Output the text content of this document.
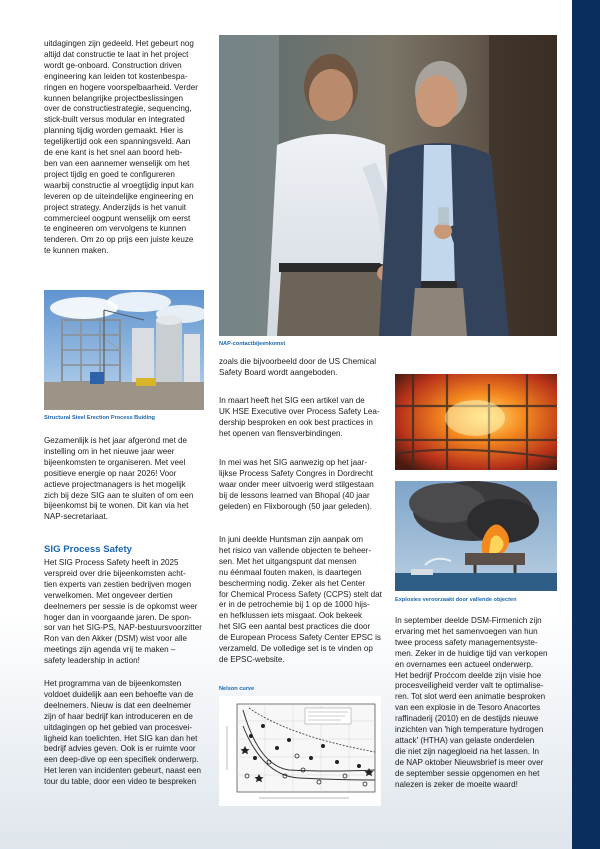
uitdagingen zijn gedeeld. Het gebeurt nog
altijd dat constructie te laat in het project
wordt ge-onboard. Construction driven
engineering kan leiden tot kostenbespa-
ringen en hogere voorspelbaarheid. Verder
kunnen belangrijke projectbeslissingen
over de constructiestrategie, sequencing,
stick-built versus modular en integrated
planning tijdig worden gemaakt. Hier is
tegelijkertijd ook een spanningsveld. Aan
de ene kant is het snel aan boord heb-
ben van een aannemer wenselijk om het
project tijdig en goed te configureren
waarbij constructie al vroegtijdig input kan
leveren op de uiteindelijke engineering en
project strategy. Anderzijds is het vanuit
commercieel oogpunt wenselijk om eerst
te engineeren om vervolgens te kunnen
tenderen. Om zo op prijs een juiste keuze
te kunnen maken.

Structural Steel Erection Process Buiding

Gezamenlijk is het jaar afgerond met de
instelling om in het nieuwe jaar weer
bijeenkomsten te organiseren. Met veel
positieve energie op naar 2026! Voor
actieve projectmanagers is het mogelijk
zich bij deze SIG aan te sluiten of om een
bijeenkomst bij te wonen. Dit kan via het
NAP-secretariaat.

SIG Process Safety

Het SIG Process Safety heeft in 2025
verspreid over drie bijeenkomsten acht-
tien experts van zestien bedrijven mogen
verwelkomen. Met ongeveer dertien
deelnemers per sessie is de opkomst weer
hoger dan in voorgaande jaren. De spon-
sor van het SIG-PS, NAP-bestuursvoorzitter
Ron van den Akker (DSM) wist voor alle
meetings zijn agenda vrij te maken –
safety leadership in action!

Het programma van de bijeenkomsten
voldoet duidelijk aan een behoefte van de
deelnemers. Nieuw is dat een deelnemer
zijn of haar bedrijf kan introduceren en de
uitdagingen op het gebied van procesvei-
ligheid kan toelichten. Het SIG kan dan het
bedrijf advies geven. Ook is er ruimte voor
een deep-dive op een specifiek onderwerp.
Het leren van incidenten gebeurt, naast een
tour du table, door een video te bespreken

NAP-contactbijeenkomst

zoals die bijvoorbeeld door de US Chemical
Safety Board wordt aangeboden.

In maart heeft het SIG een artikel van de
UK HSE Executive over Process Safety Lea-
dership besproken en ook best practices in
het openen van flensverbindingen.

In mei was het SIG aanwezig op het jaar-
lijkse Process Safety Congres in Dordrecht
waar onder meer uitvoerig werd stilgestaan
bij de lessons learned van Bhopal (40 jaar
geleden) en Flixborough (50 jaar geleden).

In juni deelde Huntsman zijn aanpak om
het risico van vallende objecten te beheer-
sen. Met het uitgangspunt dat mensen
nu éénmaal fouten maken, is daartegen
bescherming nodig. Zeker als het Center
for Chemical Process Safety (CCPS) stelt dat
er in de petrochemie bij 1 op de 1000 hijs-
en hefklussen iets misgaat. Ook bekeek
het SIG een aantal best practices die door
de European Process Safety Center EPSC is
verzameld. De volledige set is te vinden op
de EPSC-website.

Nelson curve

Explosies veroorzaakt door vallende objecten

In september deelde DSM-Firmenich zijn
ervaring met het samenvoegen van hun
twee process safety managementsyste-
men. Zeker in de huidige tijd van verkopen
en overnames een actueel onderwerp.
Het bedrijf Proćcom deelde zijn visie hoe
procesveiligheid verder valt te optimalise-
ren. Tot slot werd een animatie besproken
van een explosie in de Tesoro Anacortes
raffinaderij (2010) en de destijds nieuwe
inzichten van 'high temperature hydrogen
attack' (HTHA) van gelaste onderdelen
die niet zijn nagegloeid na het lassen. In
de NAP oktober Nieuwsbrief is meer over
de september sessie opgenomen en het
nalezen is zeker de moeite waard!
